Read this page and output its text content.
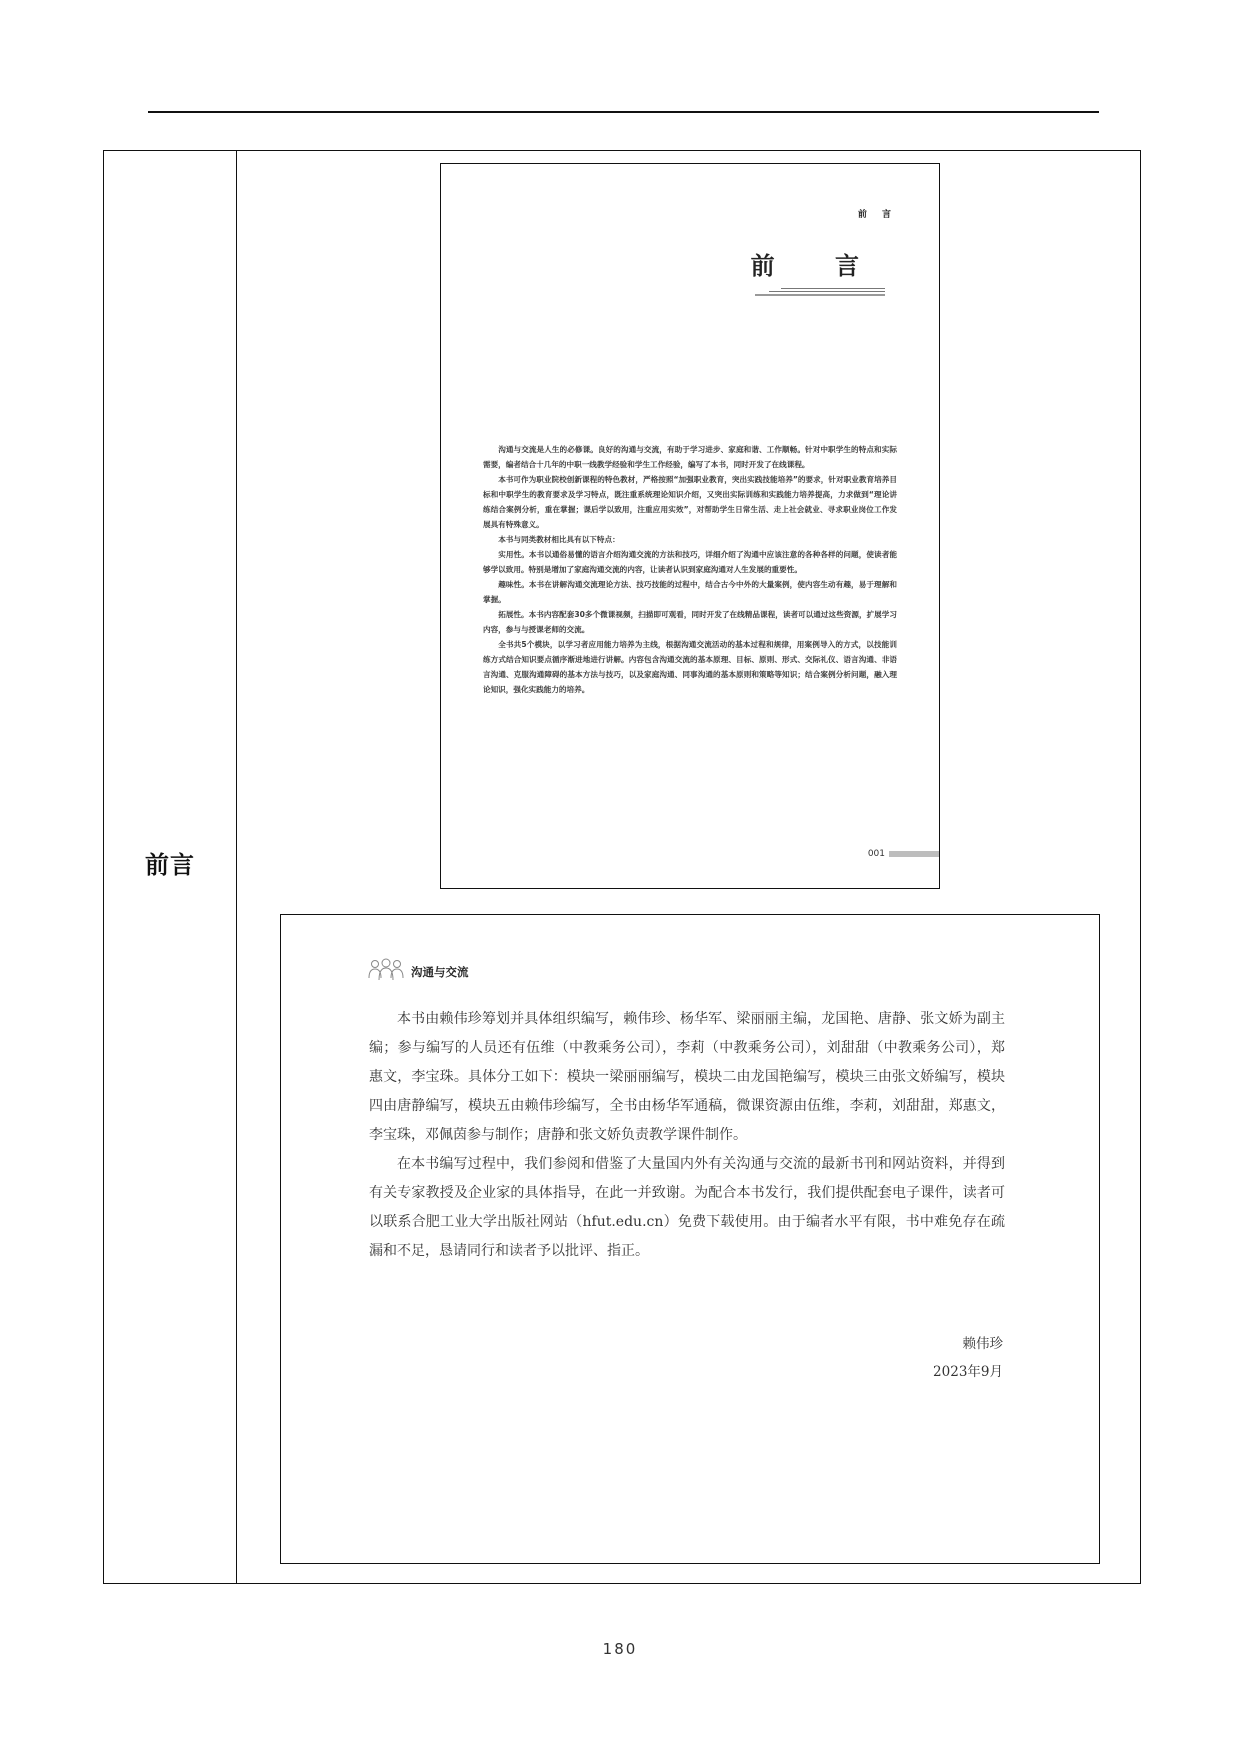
前言
前 言
前 言

沟通与交流是人生的必修课。良好的沟通与交流，有助于学习进步、家庭和谐、工作顺畅。针对中职学生的特点和实际需要，编者结合十几年的中职一线教学经验和学生工作经验，编写了本书，同时开发了在线课程。

本书可作为职业院校创新课程的特色教材，严格按照“加强职业教育，突出实践技能培养”的要求，针对职业教育培养目标和中职学生的教育要求及学习特点，既注重系统理论知识介绍，又突出实际训练和实践能力培养提高，力求做到“理论讲练结合案例分析，重在掌握；课后学以致用，注重应用实效”，对帮助学生日常生活、走上社会就业、寻求职业岗位工作发展具有特殊意义。

本书与同类教材相比具有以下特点：

实用性。本书以通俗易懂的语言介绍沟通交流的方法和技巧，详细介绍了沟通中应该注意的各种各样的问题，使读者能够学以致用。特别是增加了家庭沟通交流的内容，让读者认识到家庭沟通对人生发展的重要性。

趣味性。本书在讲解沟通交流理论方法、技巧技能的过程中，结合古今中外的大量案例，使内容生动有趣，易于理解和掌握。

拓展性。本书内容配套30多个微课视频，扫描即可观看，同时开发了在线精品课程，读者可以通过这些资源，扩展学习内容，参与与授课老师的交流。

全书共5个模块，以学习者应用能力培养为主线，根据沟通交流活动的基本过程和规律，用案例导入的方式，以技能训练方式结合知识要点循序渐进地进行讲解。内容包含沟通交流的基本原理、目标、原则、形式、交际礼仪、语言沟通、非语言沟通、克服沟通障碍的基本方法与技巧，以及家庭沟通、同事沟通的基本原则和策略等知识；结合案例分析问题，融入理论知识，强化实践能力的培养。

001
沟通与交流

本书由赖伟珍筹划并具体组织编写，赖伟珍、杨华军、梁丽丽主编，龙国艳、唐静、张文娇为副主编；参与编写的人员还有伍维（中教乘务公司），李莉（中教乘务公司），刘甜甜（中教乘务公司），郑惠文，李宝珠。具体分工如下：模块一梁丽丽编写，模块二由龙国艳编写，模块三由张文娇编写，模块四由唐静编写，模块五由赖伟珍编写，全书由杨华军通稿，微课资源由伍维，李莉，刘甜甜，郑惠文，李宝珠，邓佩茵参与制作；唐静和张文娇负责教学课件制作。

在本书编写过程中，我们参阅和借鉴了大量国内外有关沟通与交流的最新书刊和网站资料，并得到有关专家教授及企业家的具体指导，在此一并致谢。为配合本书发行，我们提供配套电子课件，读者可以联系合肥工业大学出版社网站（hfut.edu.cn）免费下载使用。由于编者水平有限，书中难免存在疏漏和不足，恳请同行和读者予以批评、指正。

赖伟珍
2023年9月
180
